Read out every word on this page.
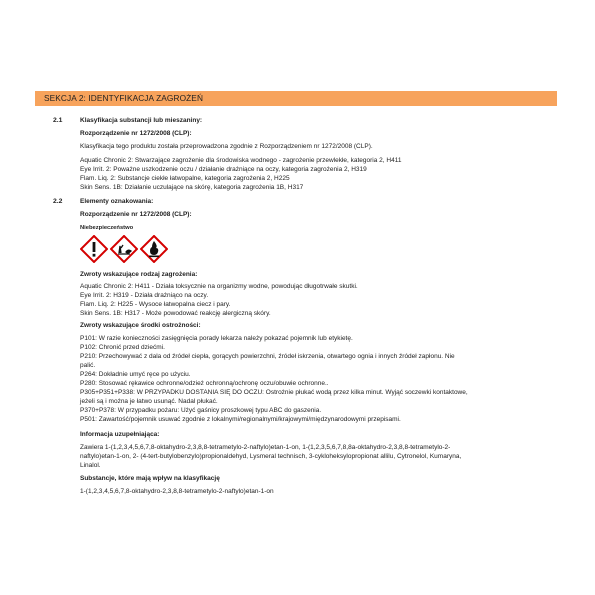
SEKCJA 2: IDENTYFIKACJA ZAGROŻEŃ
2.1	Klasyfikacja substancji lub mieszaniny:
Rozporządzenie nr 1272/2008 (CLP):
Klasyfikacja tego produktu została przeprowadzona zgodnie z Rozporządzeniem nr 1272/2008 (CLP).
Aquatic Chronic 2: Stwarzające zagrożenie dla środowiska wodnego - zagrożenie przewlekłe, kategoria 2, H411
Eye Irrit. 2: Poważne uszkodzenie oczu / działanie drażniące na oczy, kategoria zagrożenia 2, H319
Flam. Liq. 2: Substancje ciekłe łatwopalne, kategoria zagrożenia 2, H225
Skin Sens. 1B: Działanie uczulające na skórę, kategoria zagrożenia 1B, H317
2.2	Elementy oznakowania:
Rozporządzenie nr 1272/2008 (CLP):
Niebezpieczeństwo
Zwroty wskazujące rodzaj zagrożenia:
Aquatic Chronic 2: H411 - Działa toksycznie na organizmy wodne, powodując długotrwałe skutki.
Eye Irrit. 2: H319 - Działa drażniąco na oczy.
Flam. Liq. 2: H225 - Wysoce łatwopalna ciecz i pary.
Skin Sens. 1B: H317 - Może powodować reakcję alergiczną skóry.
Zwroty wskazujące środki ostrożności:
P101: W razie konieczności zasięgnięcia porady lekarza należy pokazać pojemnik lub etykietę.
P102: Chronić przed dziećmi.
P210: Przechowywać z dala od źródeł ciepła, gorących powierzchni, źródeł iskrzenia, otwartego ognia i innych źródeł zapłonu. Nie
palić.
P264: Dokładnie umyć ręce po użyciu.
P280: Stosować rękawice ochronne/odzież ochronną/ochronę oczu/obuwie ochronne..
P305+P351+P338: W PRZYPADKU DOSTANIA SIĘ DO OCZU: Ostrożnie płukać wodą przez kilka minut. Wyjąć soczewki kontaktowe,
jeżeli są i można je łatwo usunąć. Nadal płukać.
P370+P378: W przypadku pożaru: Użyć gaśnicy proszkowej typu ABC do gaszenia.
P501: Zawartość/pojemnik usuwać zgodnie z lokalnymi/regionalnymi/krajowymi/międzynarodowymi przepisami.
Informacja uzupełniająca:
Zawiera 1-(1,2,3,4,5,6,7,8-oktahydro-2,3,8,8-tetrametylo-2-naftylo)etan-1-on, 1-(1,2,3,5,6,7,8,8a-oktahydro-2,3,8,8-tetrametylo-2-
naftylo)etan-1-on, 2- (4-tert-butylobenzylo)propionaldehyd, Lysmeral technisch, 3-cykloheksylopropionat allilu, Cytronelol, Kumaryna,
Linalol.
Substancje, które mają wpływ na klasyfikację
1-(1,2,3,4,5,6,7,8-oktahydro-2,3,8,8-tetrametylo-2-naftylo)etan-1-on
